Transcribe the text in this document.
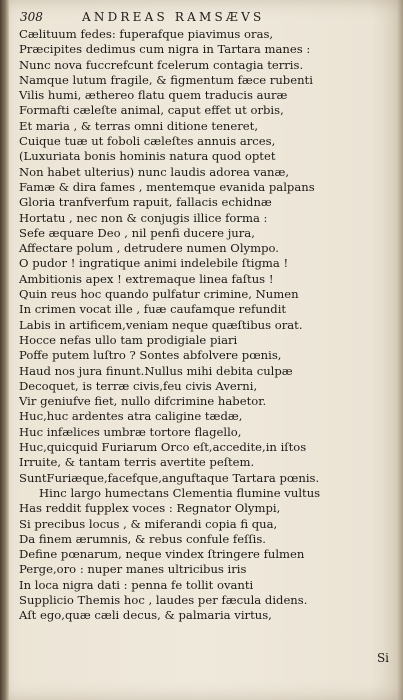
308	ANDREAS RAMSÆVS
Cælituum fedes: fuperafque piavimus oras,
Præcipites dedimus cum nigra in Tartara manes :
Nunc nova fuccrefcunt fcelerum contagia terris.
Namque lutum fragile, & figmentum fæce rubenti
Vilis humi, æthereo flatu quem traducis auræ
Formafti cæleſte animal, caput effet ut orbis,
Et maria , & terras omni ditione teneret,
Cuique tuæ ut foboli cæleſtes annuis arces,
(Luxuriata bonis hominis natura quod optet
Non habet ulterius) nunc laudis adorea vanæ,
Famæ & dira fames , mentemque evanida palpans
Gloria tranfverfum rapuit, fallacis echidnæ
Hortatu , nec non & conjugis illice forma :
Sefe æquare Deo , nil penfi ducere jura,
Affectare polum , detrudere numen Olympo.
O pudor ! ingratique animi indelebile ſtigma !
Ambitionis apex ! extremaque linea faſtus !
Quin reus hoc quando pulfatur crimine, Numen
In crimen vocat ille , fuæ caufamque refundit
Labis in artificem,veniam neque quæſtibus orat.
Hocce nefas ullo tam prodigiale piari
Poffe putem luſtro ? Sontes abfolvere pœnis,
Haud nos jura finunt.Nullus mihi debita culpæ
Decoquet, is terræ civis,feu civis Averni,
Vir geniufve fiet, nullo difcrimine habetor.
Huc,huc ardentes atra caligine tædæ,
Huc infælices umbræ tortore flagello,
Huc,quicquid Furiarum Orco eſt,accedite,in iſtos
Irruite, & tantam terris avertite peſtem.
SuntFuriæque,facefque,anguftaque Tartara pœnis.
Hinc largo humectans Clementia flumine vultus
Has reddit fupplex voces : Regnator Olympi,
Si precibus locus , & miferandi copia fi qua,
Da finem ærumnis, & rebus confule feſſis.
Define pœnarum, neque vindex ſtringere fulmen
Perge,oro : nuper manes ultricibus iris
In loca nigra dati : penna fe tollit ovanti
Supplicio Themis hoc , laudes per fæcula didens.
Aſt ego,quæ cæli decus, & palmaria virtus,
Si
